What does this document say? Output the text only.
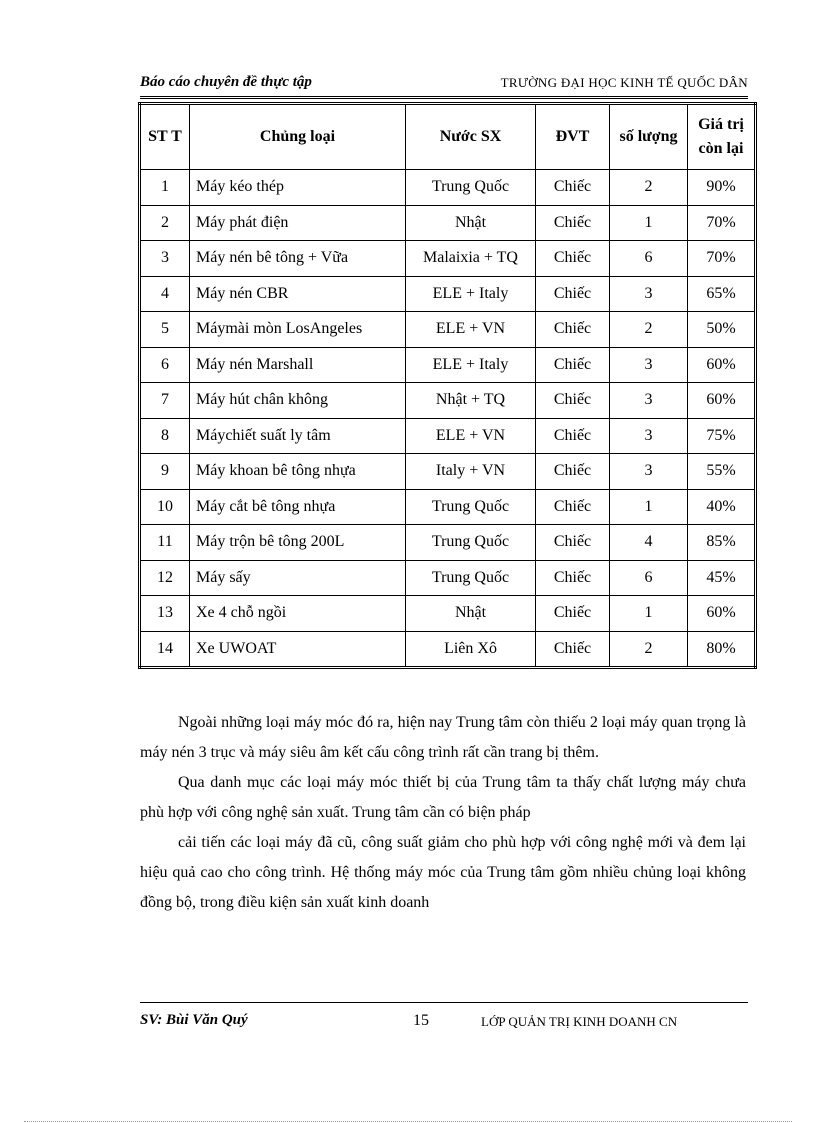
Báo cáo chuyên đề thực tập	TRƯỜNG ĐẠI HỌC KINH TẾ QUỐC DÂN
ST T	Chủng loại	Nước SX	ĐVT	số lượng	Giá trị còn lại
1	Máy kéo thép	Trung Quốc	Chiếc	2	90%
2	Máy phát điện	Nhật	Chiếc	1	70%
3	Máy nén bê tông + Vữa	Malaixia + TQ	Chiếc	6	70%
4	Máy nén CBR	ELE + Italy	Chiếc	3	65%
5	Máymài mòn LosAngeles	ELE + VN	Chiếc	2	50%
6	Máy nén Marshall	ELE + Italy	Chiếc	3	60%
7	Máy hút chân không	Nhật + TQ	Chiếc	3	60%
8	Máychiết suất ly tâm	ELE + VN	Chiếc	3	75%
9	Máy khoan bê tông nhựa	Italy + VN	Chiếc	3	55%
10	Máy cắt bê tông nhựa	Trung Quốc	Chiếc	1	40%
11	Máy trộn bê tông 200L	Trung Quốc	Chiếc	4	85%
12	Máy sấy	Trung Quốc	Chiếc	6	45%
13	Xe 4 chỗ ngồi	Nhật	Chiếc	1	60%
14	Xe UWOAT	Liên Xô	Chiếc	2	80%

Ngoài những loại máy móc đó ra, hiện nay Trung tâm còn thiếu 2 loại máy quan trọng là máy nén 3 trục và máy siêu âm kết cấu công trình rất cần trang bị thêm.

Qua danh mục các loại máy móc thiết bị của Trung tâm ta thấy chất lượng máy chưa phù hợp với công nghệ sản xuất. Trung tâm cần có biện pháp

cải tiến các loại máy đã cũ, công suất giảm cho phù hợp với công nghệ mới và đem lại hiệu quả cao cho công trình. Hệ thống máy móc của Trung tâm gồm nhiều chủng loại không đồng bộ, trong điều kiện sản xuất kinh doanh

SV: Bùi Văn Quý	15	LỚP QUẢN TRỊ KINH DOANH CN
